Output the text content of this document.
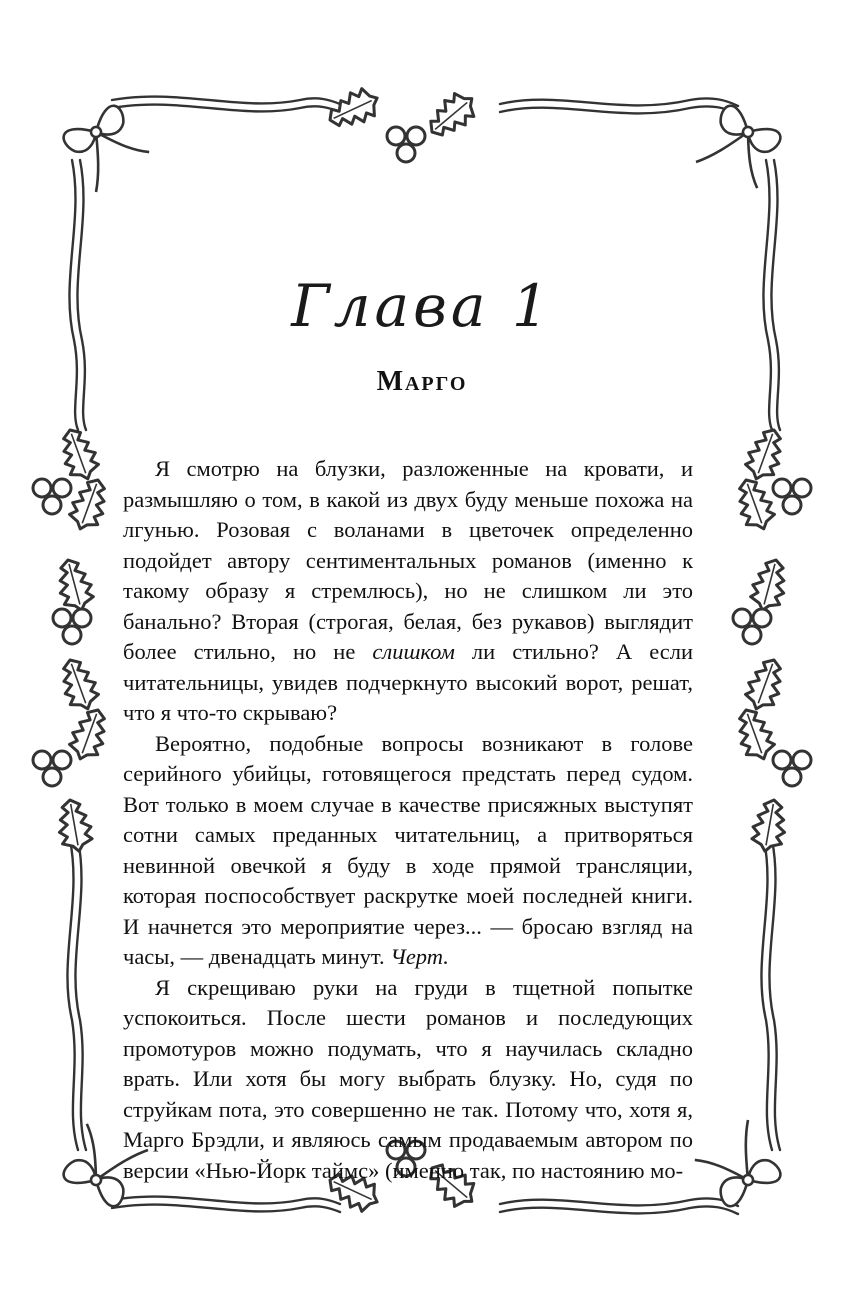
Глава 1
Марго

Я смотрю на блузки, разложенные на кровати, и размышляю о том, в какой из двух буду меньше похожа на лгунью. Розовая с воланами в цветочек определенно подойдет автору сентиментальных романов (именно к такому образу я стремлюсь), но не слишком ли это банально? Вторая (строгая, белая, без рукавов) выглядит более стильно, но не слишком ли стильно? А если читательницы, увидев подчеркнуто высокий ворот, решат, что я что-то скрываю?

Вероятно, подобные вопросы возникают в голове серийного убийцы, готовящегося предстать перед судом. Вот только в моем случае в качестве присяжных выступят сотни самых преданных читательниц, а притворяться невинной овечкой я буду в ходе прямой трансляции, которая поспособствует раскрутке моей последней книги. И начнется это мероприятие через... — бросаю взгляд на часы, — двенадцать минут. Черт.

Я скрещиваю руки на груди в тщетной попытке успокоиться. После шести романов и последующих промотуров можно подумать, что я научилась складно врать. Или хотя бы могу выбрать блузку. Но, судя по струйкам пота, это совершенно не так. Потому что, хотя я, Марго Брэдли, и являюсь самым продаваемым автором по версии «Нью-Йорк таймс» (именно так, по настоянию мо-
